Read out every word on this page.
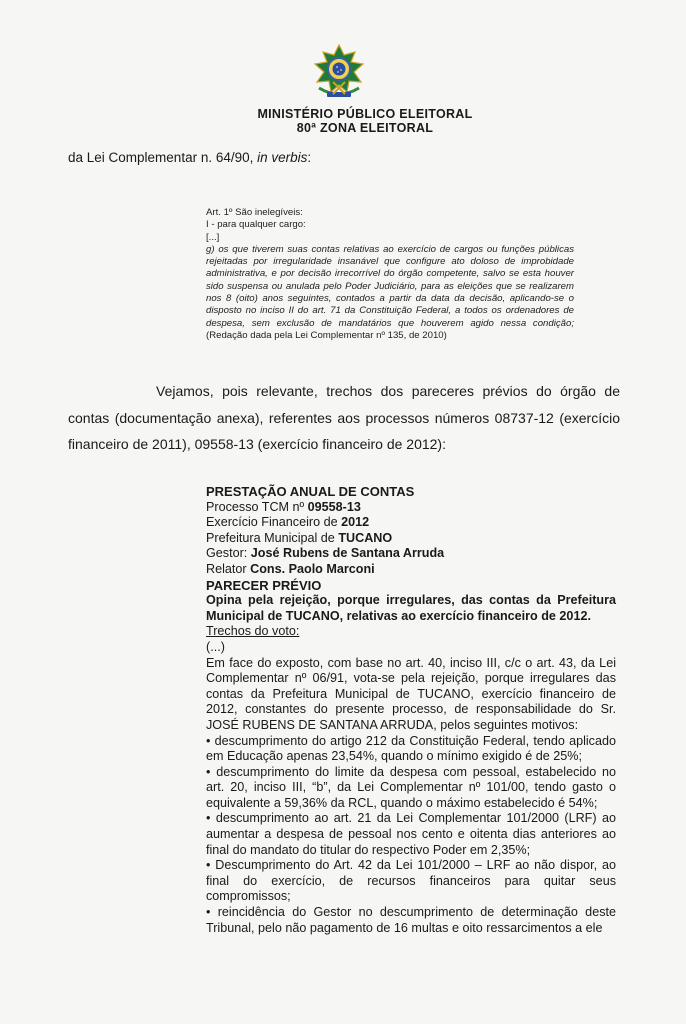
MINISTÉRIO PÚBLICO ELEITORAL
80ª ZONA ELEITORAL
da Lei Complementar n. 64/90, in verbis:

Art. 1º São inelegíveis:

I - para qualquer cargo:

[...]

g) os que tiverem suas contas relativas ao exercício de cargos ou funções públicas rejeitadas por irregularidade insanável que configure ato doloso de improbidade administrativa, e por decisão irrecorrível do órgão competente, salvo se esta houver sido suspensa ou anulada pelo Poder Judiciário, para as eleições que se realizarem nos 8 (oito) anos seguintes, contados a partir da data da decisão, aplicando-se o disposto no inciso II do art. 71 da Constituição Federal, a todos os ordenadores de despesa, sem exclusão de mandatários que houverem agido nessa condição; (Redação dada pela Lei Complementar nº 135, de 2010)

Vejamos, pois relevante, trechos dos pareceres prévios do órgão de contas (documentação anexa), referentes aos processos números 08737-12 (exercício financeiro de 2011), 09558-13 (exercício financeiro de 2012):

PRESTAÇÃO ANUAL DE CONTAS

Processo TCM nº 09558-13

Exercício Financeiro de 2012

Prefeitura Municipal de TUCANO

Gestor: José Rubens de Santana Arruda

Relator Cons. Paolo Marconi

PARECER PRÉVIO

Opina pela rejeição, porque irregulares, das contas da Prefeitura Municipal de TUCANO, relativas ao exercício financeiro de 2012.

Trechos do voto:

(...)

Em face do exposto, com base no art. 40, inciso III, c/c o art. 43, da Lei Complementar nº 06/91, vota-se pela rejeição, porque irregulares das contas da Prefeitura Municipal de TUCANO, exercício financeiro de 2012, constantes do presente processo, de responsabilidade do Sr. JOSÉ RUBENS DE SANTANA ARRUDA, pelos seguintes motivos:

• descumprimento do artigo 212 da Constituição Federal, tendo aplicado em Educação apenas 23,54%, quando o mínimo exigido é de 25%;

• descumprimento do limite da despesa com pessoal, estabelecido no art. 20, inciso III, “b”, da Lei Complementar nº 101/00, tendo gasto o equivalente a 59,36% da RCL, quando o máximo estabelecido é 54%;

• descumprimento ao art. 21 da Lei Complementar 101/2000 (LRF) ao aumentar a despesa de pessoal nos cento e oitenta dias anteriores ao final do mandato do titular do respectivo Poder em 2,35%;

• Descumprimento do Art. 42 da Lei 101/2000 – LRF ao não dispor, ao final do exercício, de recursos financeiros para quitar seus compromissos;

• reincidência do Gestor no descumprimento de determinação deste Tribunal, pelo não pagamento de 16 multas e oito ressarcimentos a ele
